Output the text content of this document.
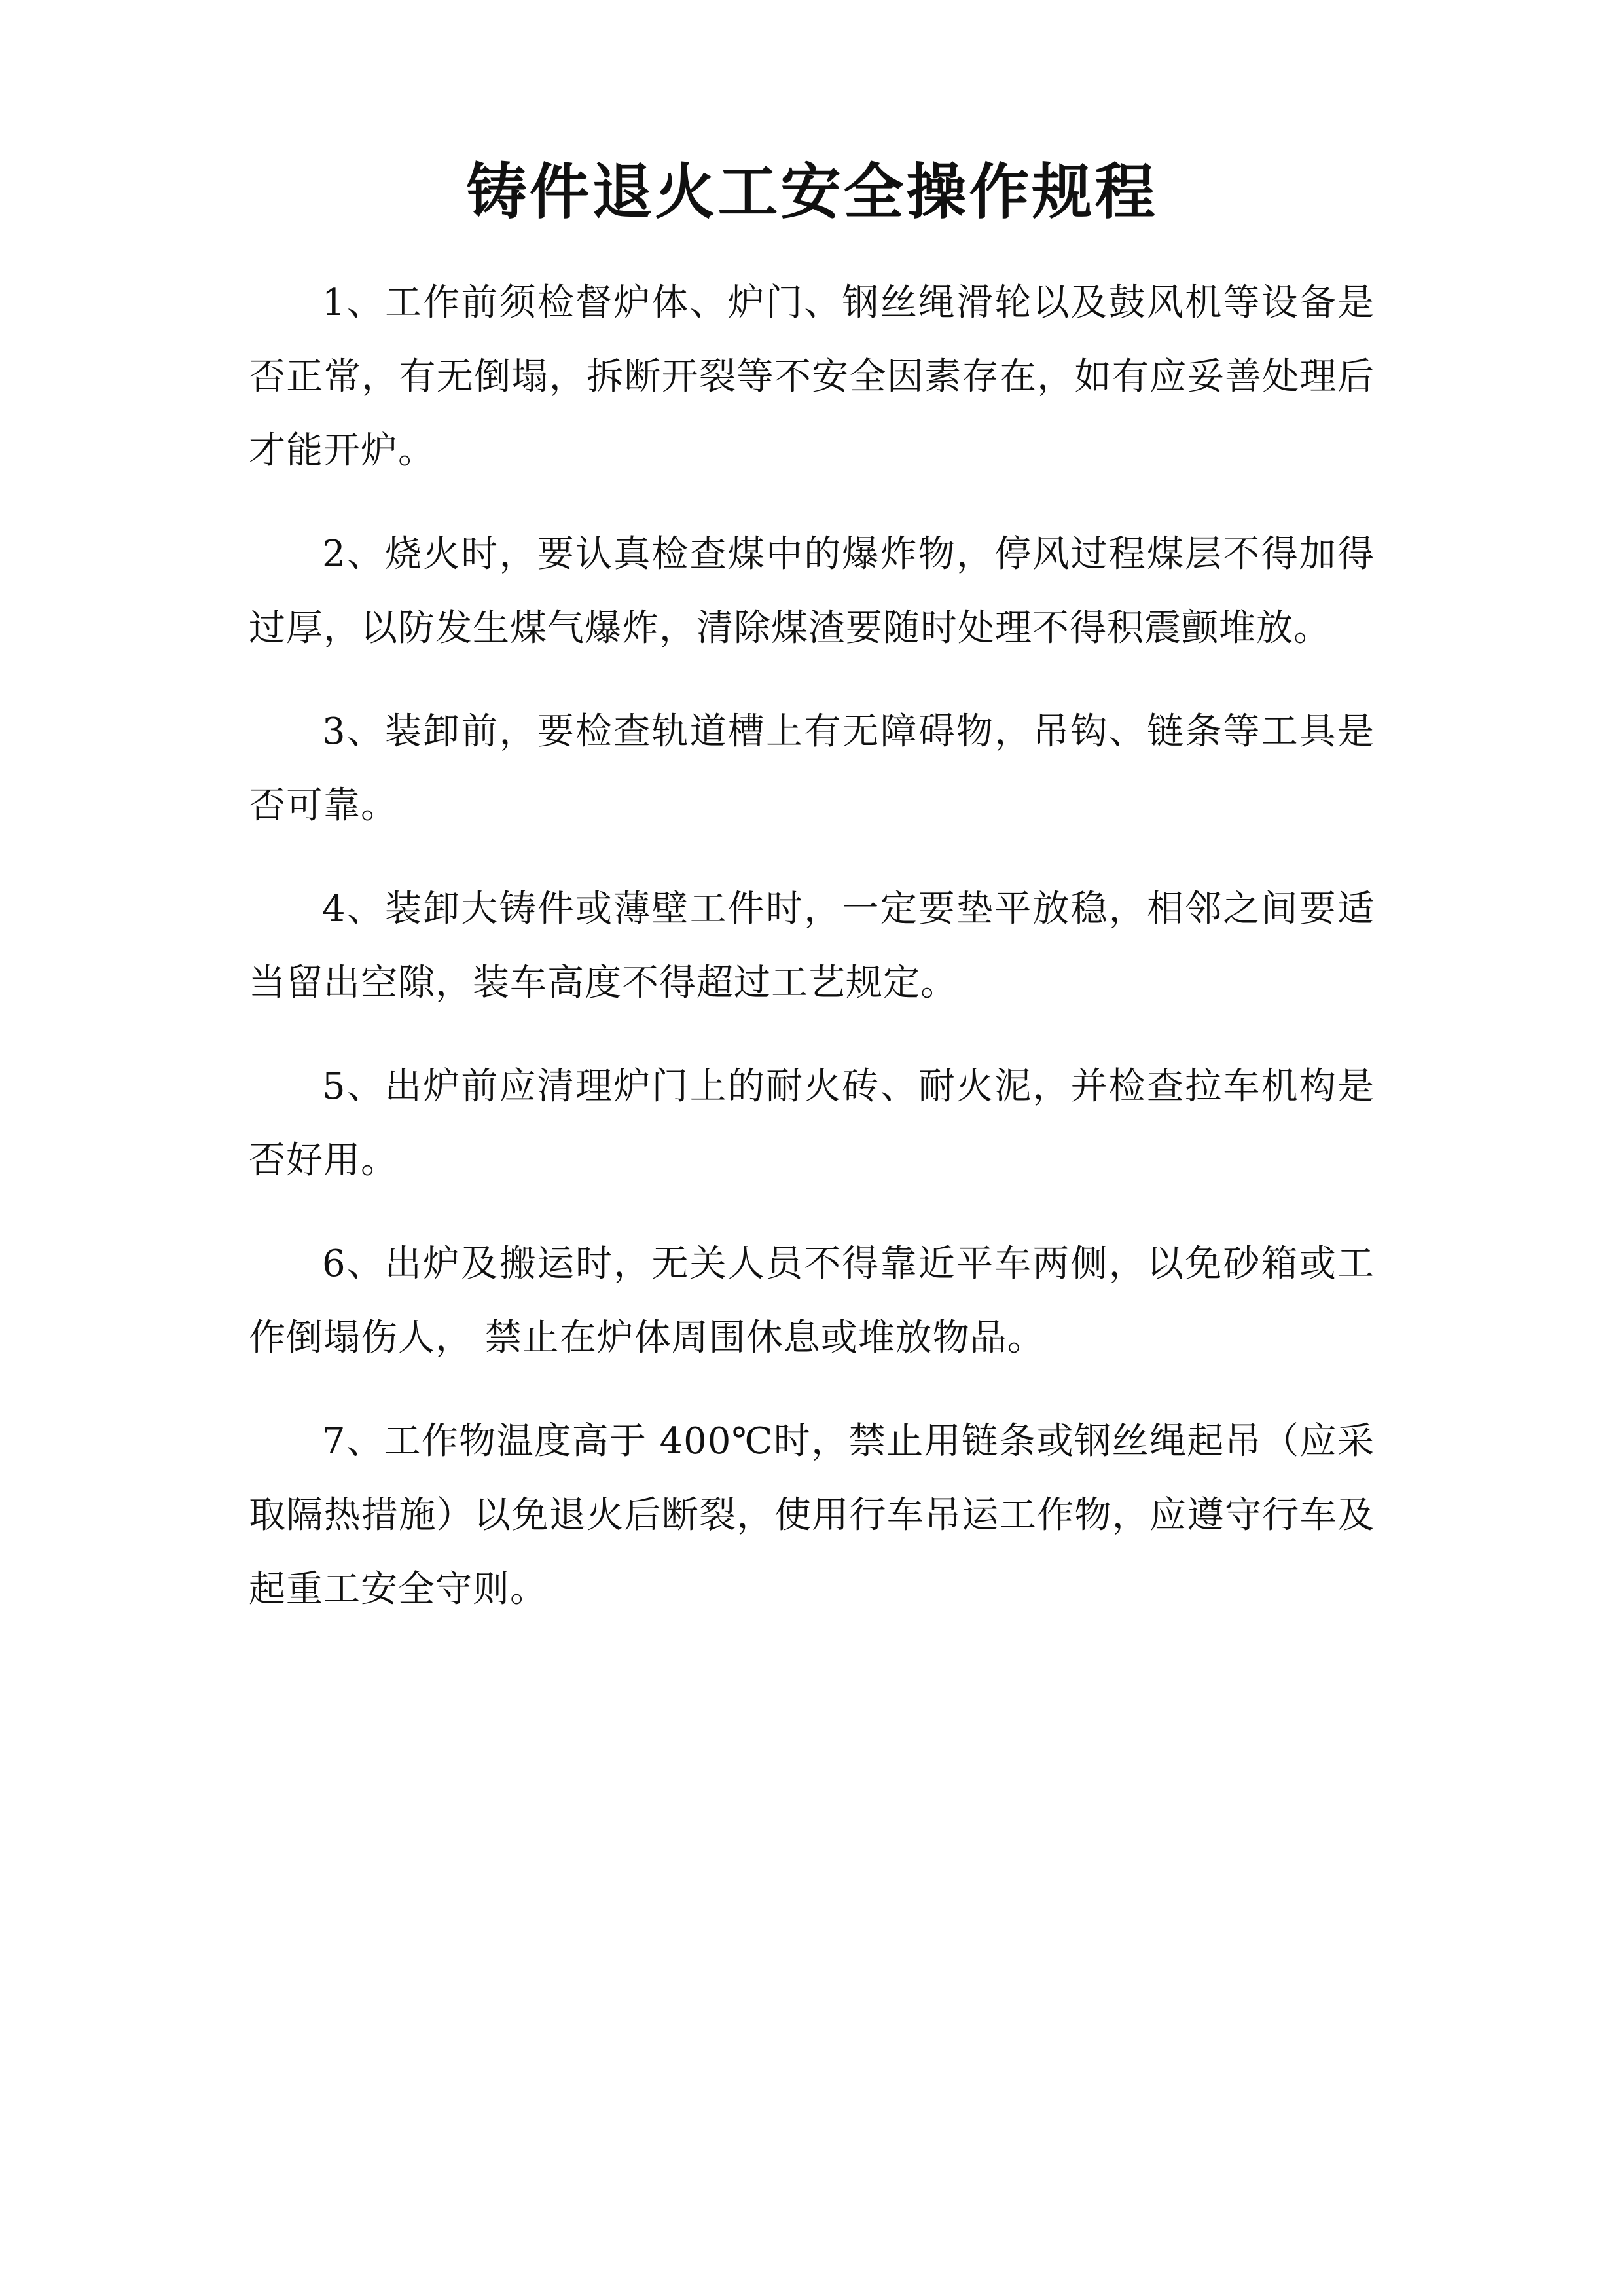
铸件退火工安全操作规程

1、工作前须检督炉体、炉门、钢丝绳滑轮以及鼓风机等设备是否正常，有无倒塌，拆断开裂等不安全因素存在，如有应妥善处理后才能开炉。

2、烧火时，要认真检查煤中的爆炸物，停风过程煤层不得加得过厚，以防发生煤气爆炸，清除煤渣要随时处理不得积震颤堆放。

3、装卸前，要检查轨道槽上有无障碍物，吊钩、链条等工具是否可靠。

4、装卸大铸件或薄壁工件时，一定要垫平放稳，相邻之间要适当留出空隙，装车高度不得超过工艺规定。

5、出炉前应清理炉门上的耐火砖、耐火泥，并检查拉车机构是否好用。

6、出炉及搬运时，无关人员不得靠近平车两侧，以免砂箱或工作倒塌伤人， 禁止在炉体周围休息或堆放物品。

7、工作物温度高于 400℃时，禁止用链条或钢丝绳起吊（应采取隔热措施）以免退火后断裂，使用行车吊运工作物，应遵守行车及起重工安全守则。
